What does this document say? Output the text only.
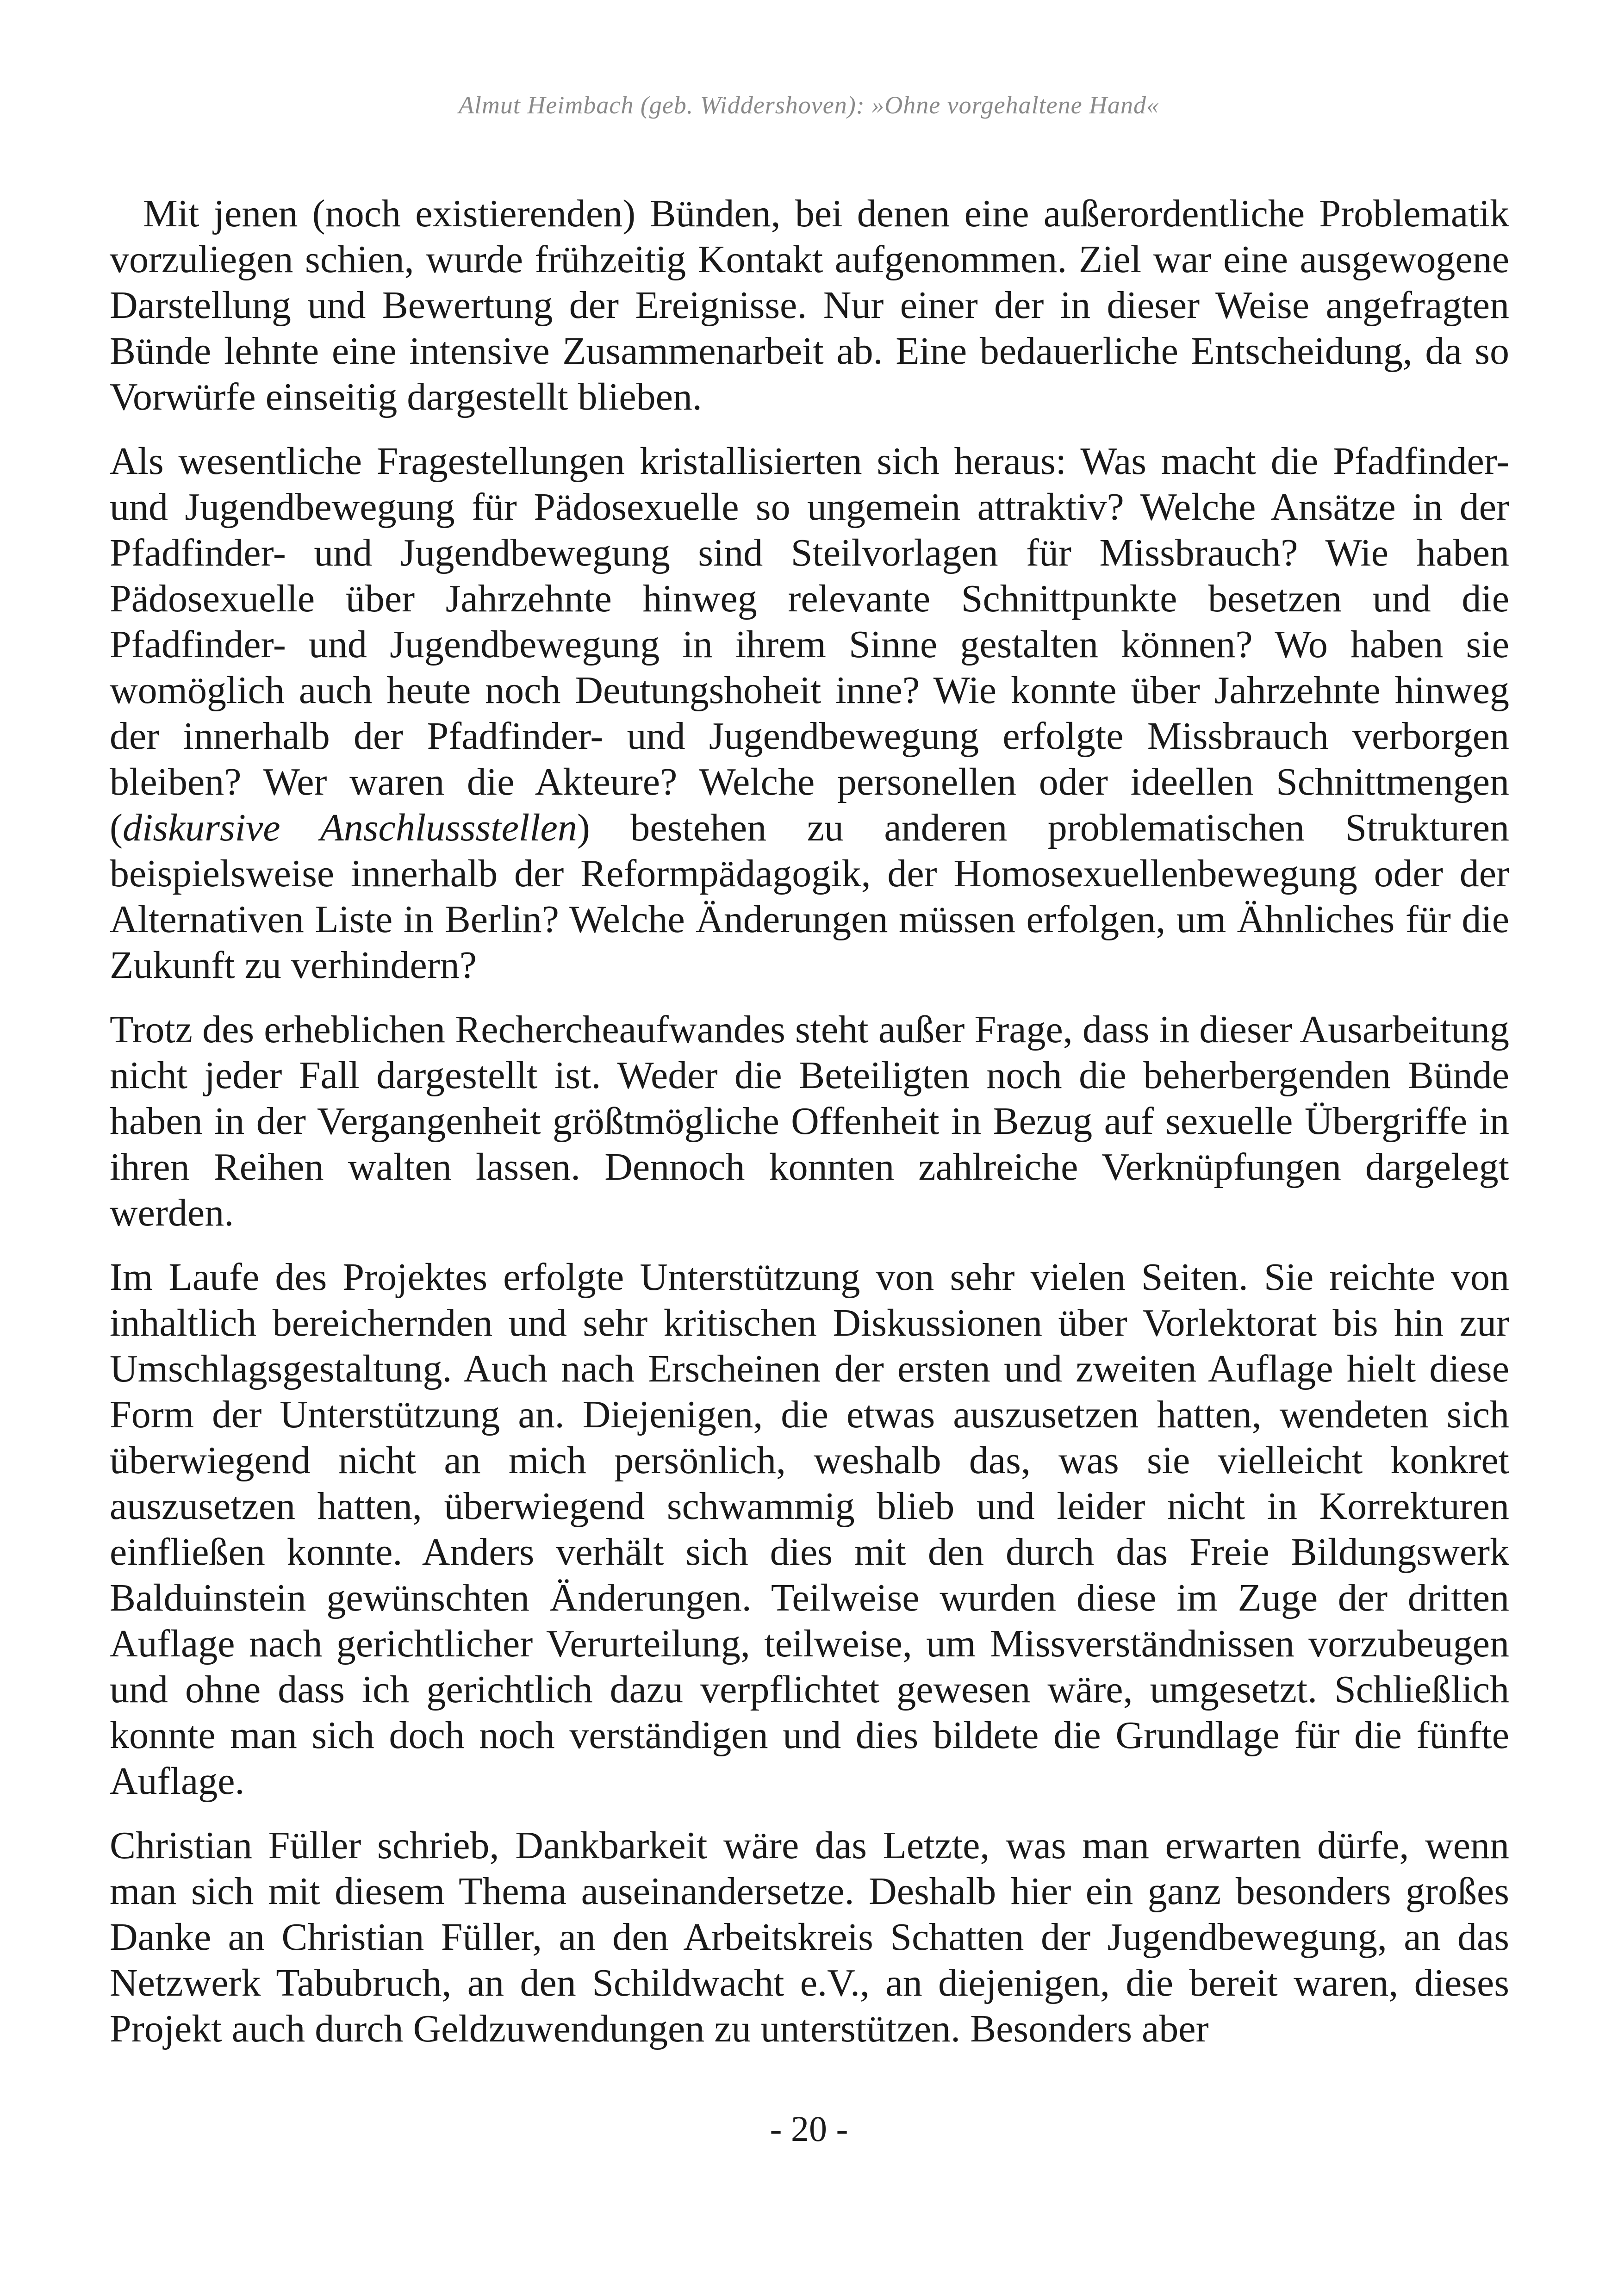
Almut Heimbach (geb. Widdershoven): »Ohne vorgehaltene Hand«

Mit jenen (noch existierenden) Bünden, bei denen eine außerordentliche Problematik vorzuliegen schien, wurde frühzeitig Kontakt aufgenommen. Ziel war eine ausgewogene Darstellung und Bewertung der Ereignisse. Nur einer der in dieser Weise angefragten Bünde lehnte eine intensive Zusammenarbeit ab. Eine bedauerliche Entscheidung, da so Vorwürfe einseitig dargestellt blieben.

Als wesentliche Fragestellungen kristallisierten sich heraus: Was macht die Pfadfinder- und Jugendbewegung für Pädosexuelle so ungemein attraktiv? Welche Ansätze in der Pfadfinder- und Jugendbewegung sind Steilvorlagen für Missbrauch? Wie haben Pädosexuelle über Jahrzehnte hinweg relevante Schnittpunkte besetzen und die Pfadfinder- und Jugendbewegung in ihrem Sinne gestalten können? Wo haben sie womöglich auch heute noch Deutungshoheit inne? Wie konnte über Jahrzehnte hinweg der innerhalb der Pfadfinder- und Jugendbewegung erfolgte Missbrauch verborgen bleiben? Wer waren die Akteure? Welche personellen oder ideellen Schnittmengen (diskursive Anschlussstellen) bestehen zu anderen problematischen Strukturen beispielsweise innerhalb der Reformpädagogik, der Homosexuellenbewegung oder der Alternativen Liste in Berlin? Welche Änderungen müssen erfolgen, um Ähnliches für die Zukunft zu verhindern?

Trotz des erheblichen Rechercheaufwandes steht außer Frage, dass in dieser Ausarbeitung nicht jeder Fall dargestellt ist. Weder die Beteiligten noch die beherbergenden Bünde haben in der Vergangenheit größtmögliche Offenheit in Bezug auf sexuelle Übergriffe in ihren Reihen walten lassen. Dennoch konnten zahlreiche Verknüpfungen dargelegt werden.

Im Laufe des Projektes erfolgte Unterstützung von sehr vielen Seiten. Sie reichte von inhaltlich bereichernden und sehr kritischen Diskussionen über Vorlektorat bis hin zur Umschlagsgestaltung. Auch nach Erscheinen der ersten und zweiten Auflage hielt diese Form der Unterstützung an. Diejenigen, die etwas auszusetzen hatten, wendeten sich überwiegend nicht an mich persönlich, weshalb das, was sie vielleicht konkret auszusetzen hatten, überwiegend schwammig blieb und leider nicht in Korrekturen einfließen konnte. Anders verhält sich dies mit den durch das Freie Bildungswerk Balduinstein gewünschten Änderungen. Teilweise wurden diese im Zuge der dritten Auflage nach gerichtlicher Verurteilung, teilweise, um Missverständnissen vorzubeugen und ohne dass ich gerichtlich dazu verpflichtet gewesen wäre, umgesetzt. Schließlich konnte man sich doch noch verständigen und dies bildete die Grundlage für die fünfte Auflage.

Christian Füller schrieb, Dankbarkeit wäre das Letzte, was man erwarten dürfe, wenn man sich mit diesem Thema auseinandersetze. Deshalb hier ein ganz besonders großes Danke an Christian Füller, an den Arbeitskreis Schatten der Jugendbewegung, an das Netzwerk Tabubruch, an den Schildwacht e.V., an diejenigen, die bereit waren, dieses Projekt auch durch Geldzuwendungen zu unterstützen. Besonders aber

- 20 -
